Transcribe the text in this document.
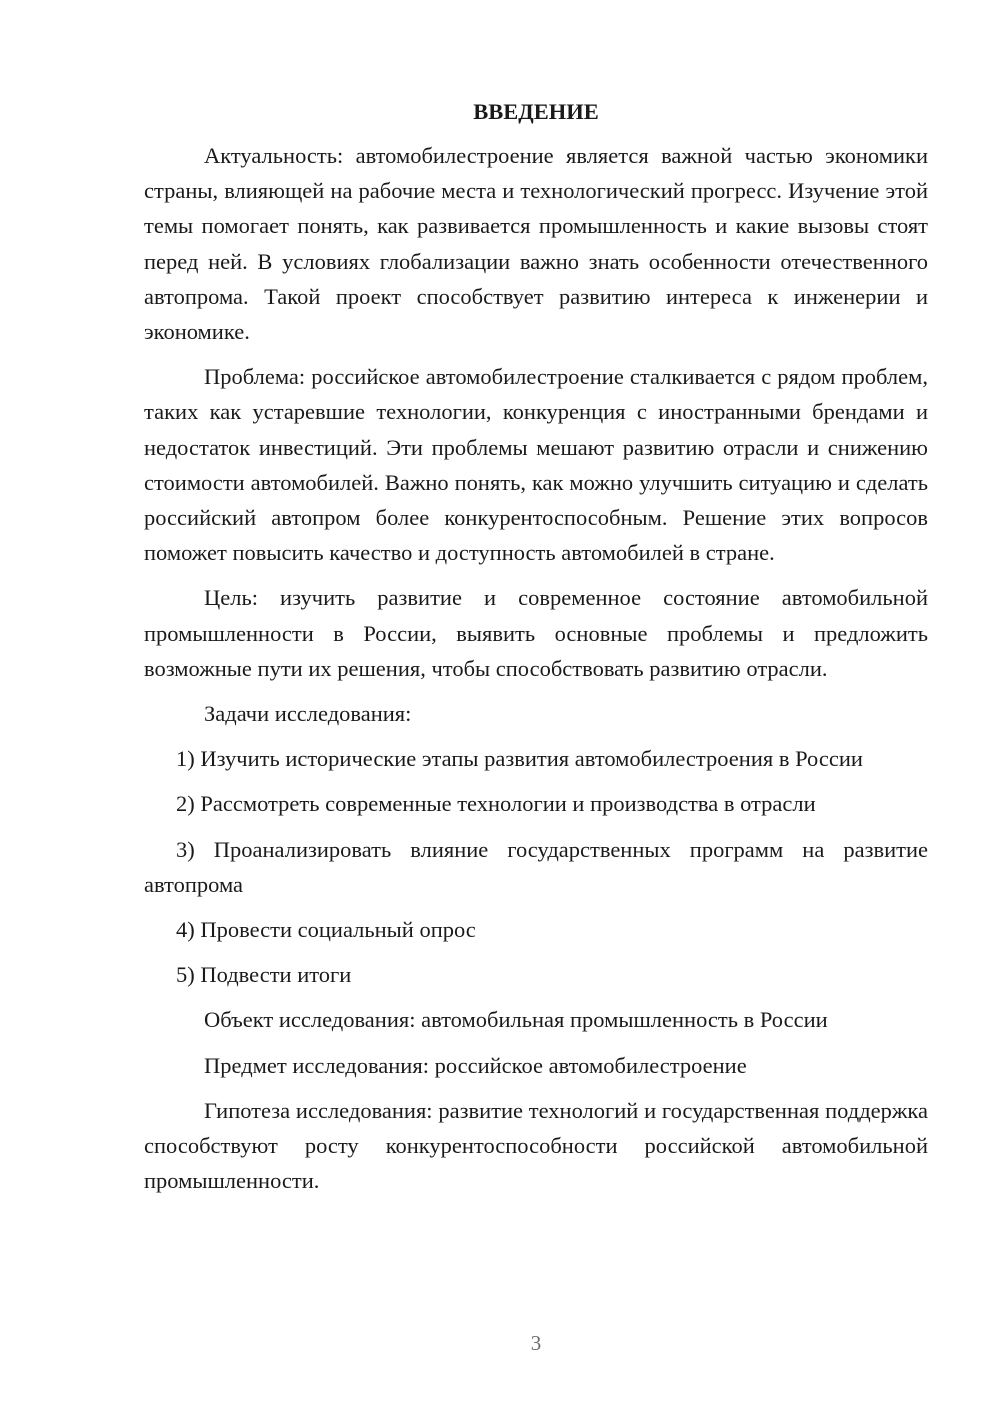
ВВЕДЕНИЕ

Актуальность: автомобилестроение является важной частью экономики страны, влияющей на рабочие места и технологический прогресс. Изучение этой темы помогает понять, как развивается промышленность и какие вызовы стоят перед ней. В условиях глобализации важно знать особенности отечественного автопрома. Такой проект способствует развитию интереса к инженерии и экономике.

Проблема: российское автомобилестроение сталкивается с рядом проблем, таких как устаревшие технологии, конкуренция с иностранными брендами и недостаток инвестиций. Эти проблемы мешают развитию отрасли и снижению стоимости автомобилей. Важно понять, как можно улучшить ситуацию и сделать российский автопром более конкурентоспособным. Решение этих вопросов поможет повысить качество и доступность автомобилей в стране.

Цель: изучить развитие и современное состояние автомобильной промышленности в России, выявить основные проблемы и предложить возможные пути их решения, чтобы способствовать развитию отрасли.

Задачи исследования:

1) Изучить исторические этапы развития автомобилестроения в России

2) Рассмотреть современные технологии и производства в отрасли

3) Проанализировать влияние государственных программ на развитие автопрома

4) Провести социальный опрос

5) Подвести итоги

Объект исследования: автомобильная промышленность в России

Предмет исследования: российское автомобилестроение

Гипотеза исследования: развитие технологий и государственная поддержка способствуют росту конкурентоспособности российской автомобильной промышленности.

3
